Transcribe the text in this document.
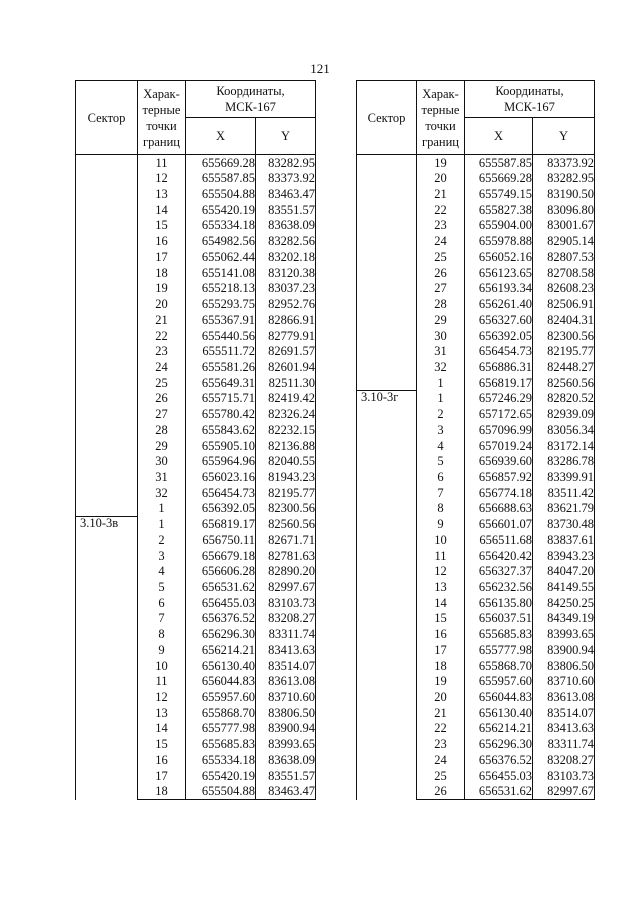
121
Сектор	Харак-
терные
точки
границ	Координаты,
МСК-167	
		X	Y
	11	655669.28	83282.95
	12	655587.85	83373.92
	13	655504.88	83463.47
	14	655420.19	83551.57
	15	655334.18	83638.09
	16	654982.56	83282.56
	17	655062.44	83202.18
	18	655141.08	83120.38
	19	655218.13	83037.23
	20	655293.75	82952.76
	21	655367.91	82866.91
	22	655440.56	82779.91
	23	655511.72	82691.57
	24	655581.26	82601.94
	25	655649.31	82511.30
	26	655715.71	82419.42
	27	655780.42	82326.24
	28	655843.62	82232.15
	29	655905.10	82136.88
	30	655964.96	82040.55
	31	656023.16	81943.23
	32	656454.73	82195.77
	1	656392.05	82300.56
3.10-3в	1	656819.17	82560.56
	2	656750.11	82671.71
	3	656679.18	82781.63
	4	656606.28	82890.20
	5	656531.62	82997.67
	6	656455.03	83103.73
	7	656376.52	83208.27
	8	656296.30	83311.74
	9	656214.21	83413.63
	10	656130.40	83514.07
	11	656044.83	83613.08
	12	655957.60	83710.60
	13	655868.70	83806.50
	14	655777.98	83900.94
	15	655685.83	83993.65
	16	655334.18	83638.09
	17	655420.19	83551.57
	18	655504.88	83463.47
Сектор	Харак-
терные
точки
границ	Координаты,
МСК-167	
		X	Y
	19	655587.85	83373.92
	20	655669.28	83282.95
	21	655749.15	83190.50
	22	655827.38	83096.80
	23	655904.00	83001.67
	24	655978.88	82905.14
	25	656052.16	82807.53
	26	656123.65	82708.58
	27	656193.34	82608.23
	28	656261.40	82506.91
	29	656327.60	82404.31
	30	656392.05	82300.56
	31	656454.73	82195.77
	32	656886.31	82448.27
	1	656819.17	82560.56
3.10-3г	1	657246.29	82820.52
	2	657172.65	82939.09
	3	657096.99	83056.34
	4	657019.24	83172.14
	5	656939.60	83286.78
	6	656857.92	83399.91
	7	656774.18	83511.42
	8	656688.63	83621.79
	9	656601.07	83730.48
	10	656511.68	83837.61
	11	656420.42	83943.23
	12	656327.37	84047.20
	13	656232.56	84149.55
	14	656135.80	84250.25
	15	656037.51	84349.19
	16	655685.83	83993.65
	17	655777.98	83900.94
	18	655868.70	83806.50
	19	655957.60	83710.60
	20	656044.83	83613.08
	21	656130.40	83514.07
	22	656214.21	83413.63
	23	656296.30	83311.74
	24	656376.52	83208.27
	25	656455.03	83103.73
	26	656531.62	82997.67
